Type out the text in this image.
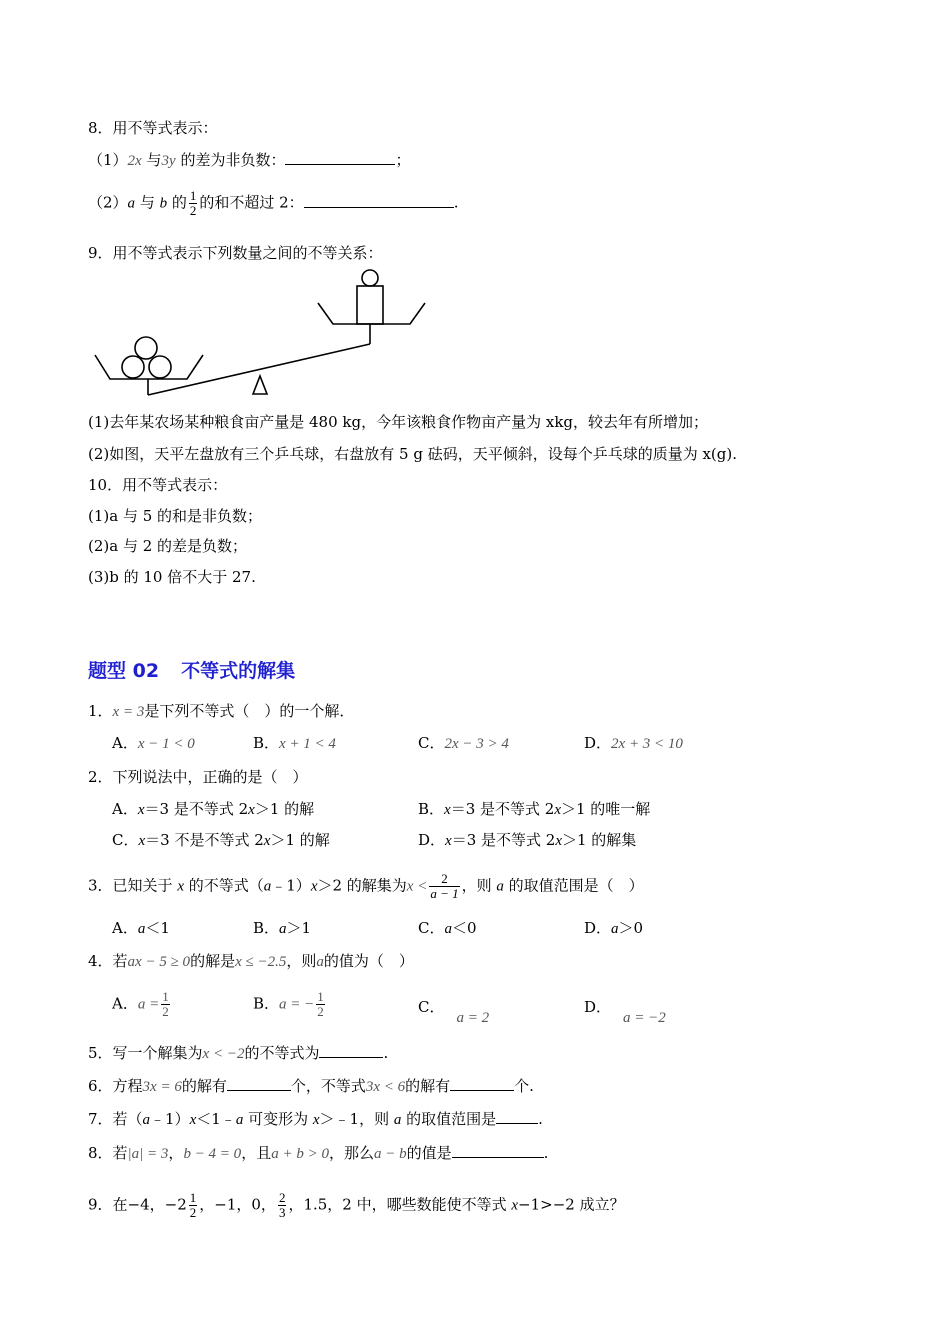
8．用不等式表示：
（1）2x 与3y 的差为非负数：	；
（2）a 与 b 的 $\frac{1}{2}$ 的和不超过 2：	.
9．用不等式表示下列数量之间的不等关系：
(1)去年某农场某种粮食亩产量是 480 kg，今年该粮食作物亩产量为 xkg，较去年有所增加；
(2)如图，天平左盘放有三个乒乓球，右盘放有 5 g 砝码，天平倾斜，设每个乒乓球的质量为 x(g).
10．用不等式表示：
(1)a 与 5 的和是非负数；
(2)a 与 2 的差是负数；
(3)b 的 10 倍不大于 27.
题型 02 不等式的解集
1．x = 3是下列不等式（　）的一个解．
A．x − 1 < 0	B．x + 1 < 4	C．2x − 3 > 4	D．2x + 3 < 10
2．下列说法中，正确的是（　）
A．x＝3 是不等式 2x＞1 的解	B．x＝3 是不等式 2x＞1 的唯一解
C．x＝3 不是不等式 2x＞1 的解	D．x＝3 是不等式 2x＞1 的解集
3．已知关于 x 的不等式（a﹣1）x＞2 的解集为$x < \frac{2}{a - 1}$ ，则 a 的取值范围是（　）
A．a＜1	B．a＞1	C．a＜0	D．a＞0
4．若ax − 5 ≥ 0的解是x ≤ −2.5，则a的值为（　）
A．$a = \frac{1}{2}$	B．a = − $\frac{1}{2}$	C．a = 2
D．a = −2
5．写一个解集为x < −2的不等式为	.
6．方程3x = 6的解有	个，不等式3x < 6的解有	个.
7．若（a﹣1）x＜1﹣a 可变形为 x＞﹣1，则 a 的取值范围是	.
8．若|a| = 3，b − 4 = 0，且a + b > 0，那么a − b的值是	.
9．在−4，$-2 \frac{1}{2}$ ，−1，0， $\frac{2}{3}$ ，1.5，2 中，哪些数能使不等式 x−1>−2 成立？
